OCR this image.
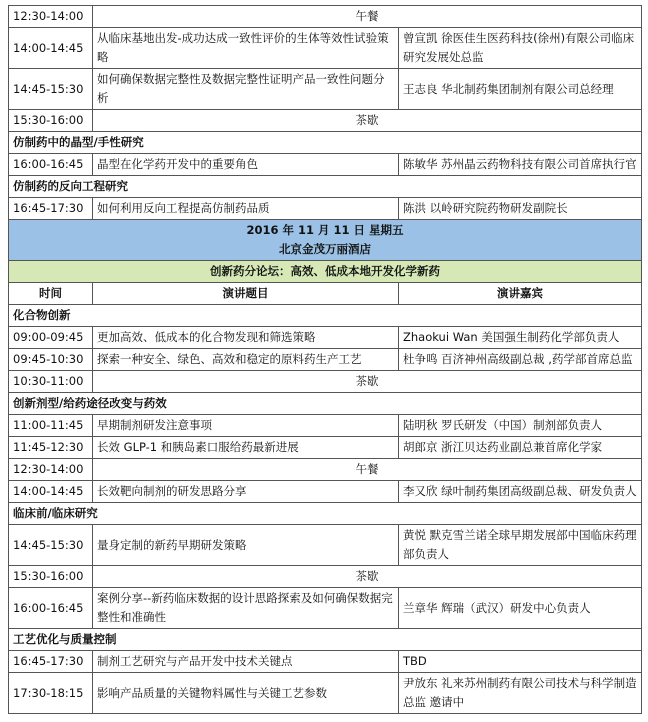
12:30-14:00	午餐	
14:00-14:45	从临床基地出发-成功达成一致性评价的生体等效性试验策略	曾宣凯 徐医佳生医药科技(徐州)有限公司临床研究发展处总监
14:45-15:30	如何确保数据完整性及数据完整性证明产品一致性问题分析	王志良 华北制药集团制剂有限公司总经理
15:30-16:00	茶歇	
仿制药中的晶型/手性研究		
16:00-16:45	晶型在化学药开发中的重要角色	陈敏华 苏州晶云药物科技有限公司首席执行官
仿制药的反向工程研究		
16:45-17:30	如何利用反向工程提高仿制药品质	陈洪 以岭研究院药物研发副院长

2016 年 11 月 11 日 星期五
北京金茂万丽酒店		

创新药分论坛：高效、低成本地开发化学新药		
时间	演讲题目	演讲嘉宾
化合物创新		
09:00-09:45	更加高效、低成本的化合物发现和筛选策略	Zhaokui Wan 美国强生制药化学部负责人
09:45-10:30	探索一种安全、绿色、高效和稳定的原料药生产工艺	杜争鸣 百济神州高级副总裁 ,药学部首席总监
10:30-11:00	茶歇	
创新剂型/给药途径改变与药效		
11:00-11:45	早期制剂研发注意事项	陆明秋 罗氏研发（中国）制剂部负责人
11:45-12:30	长效 GLP-1 和胰岛素口服给药最新进展	胡郎京 浙江贝达药业副总兼首席化学家
12:30-14:00	午餐	
14:00-14:45	长效靶向制剂的研发思路分享	李又欣 绿叶制药集团高级副总裁、研发负责人
临床前/临床研究		
14:45-15:30	量身定制的新药早期研发策略	黄悦 默克雪兰诺全球早期发展部中国临床药理部负责人
15:30-16:00	茶歇	
16:00-16:45	案例分享--新药临床数据的设计思路探索及如何确保数据完整性和准确性	兰章华 辉瑞（武汉）研发中心负责人
工艺优化与质量控制		
16:45-17:30	制剂工艺研究与产品开发中技术关键点	TBD
17:30-18:15	影响产品质量的关键物料属性与关键工艺参数	尹放东 礼来苏州制药有限公司技术与科学制造总监 邀请中
